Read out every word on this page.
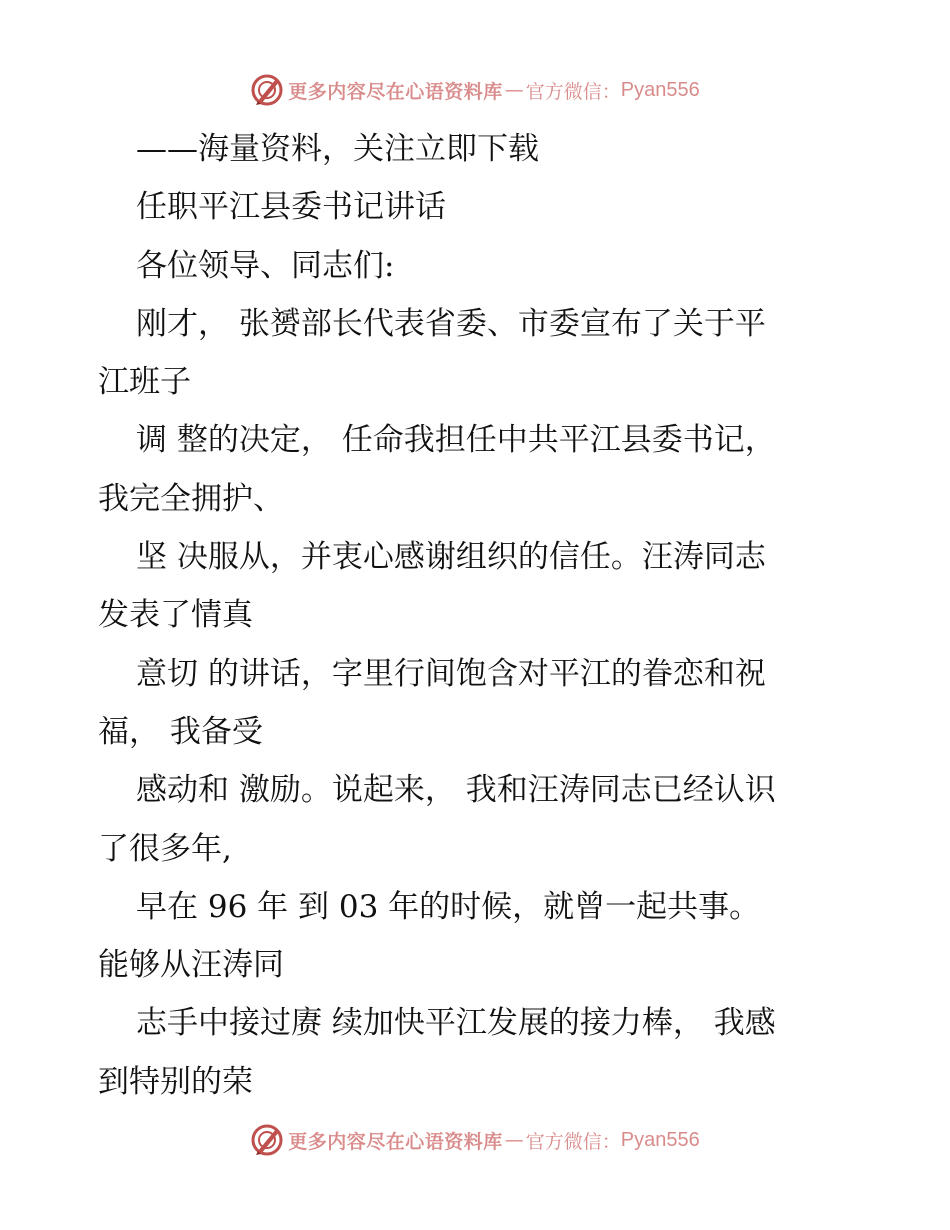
更多内容尽在心语资料库 — 官方微信： Pyan556
——海量资料，关注立即下载
任职平江县委书记讲话
各位领导、同志们:
刚才， 张赟部长代表省委、市委宣布了关于平
江班子
调 整的决定， 任命我担任中共平江县委书记，
我完全拥护、
坚 决服从，并衷心感谢组织的信任。汪涛同志
发表了情真
意切 的讲话，字里行间饱含对平江的眷恋和祝
福， 我备受
感动和 激励。说起来， 我和汪涛同志已经认识
了很多年,
早在 96 年 到 03 年的时候，就曾一起共事。
能够从汪涛同
志手中接过赓 续加快平江发展的接力棒， 我感
到特别的荣
更多内容尽在心语资料库 — 官方微信： Pyan556
